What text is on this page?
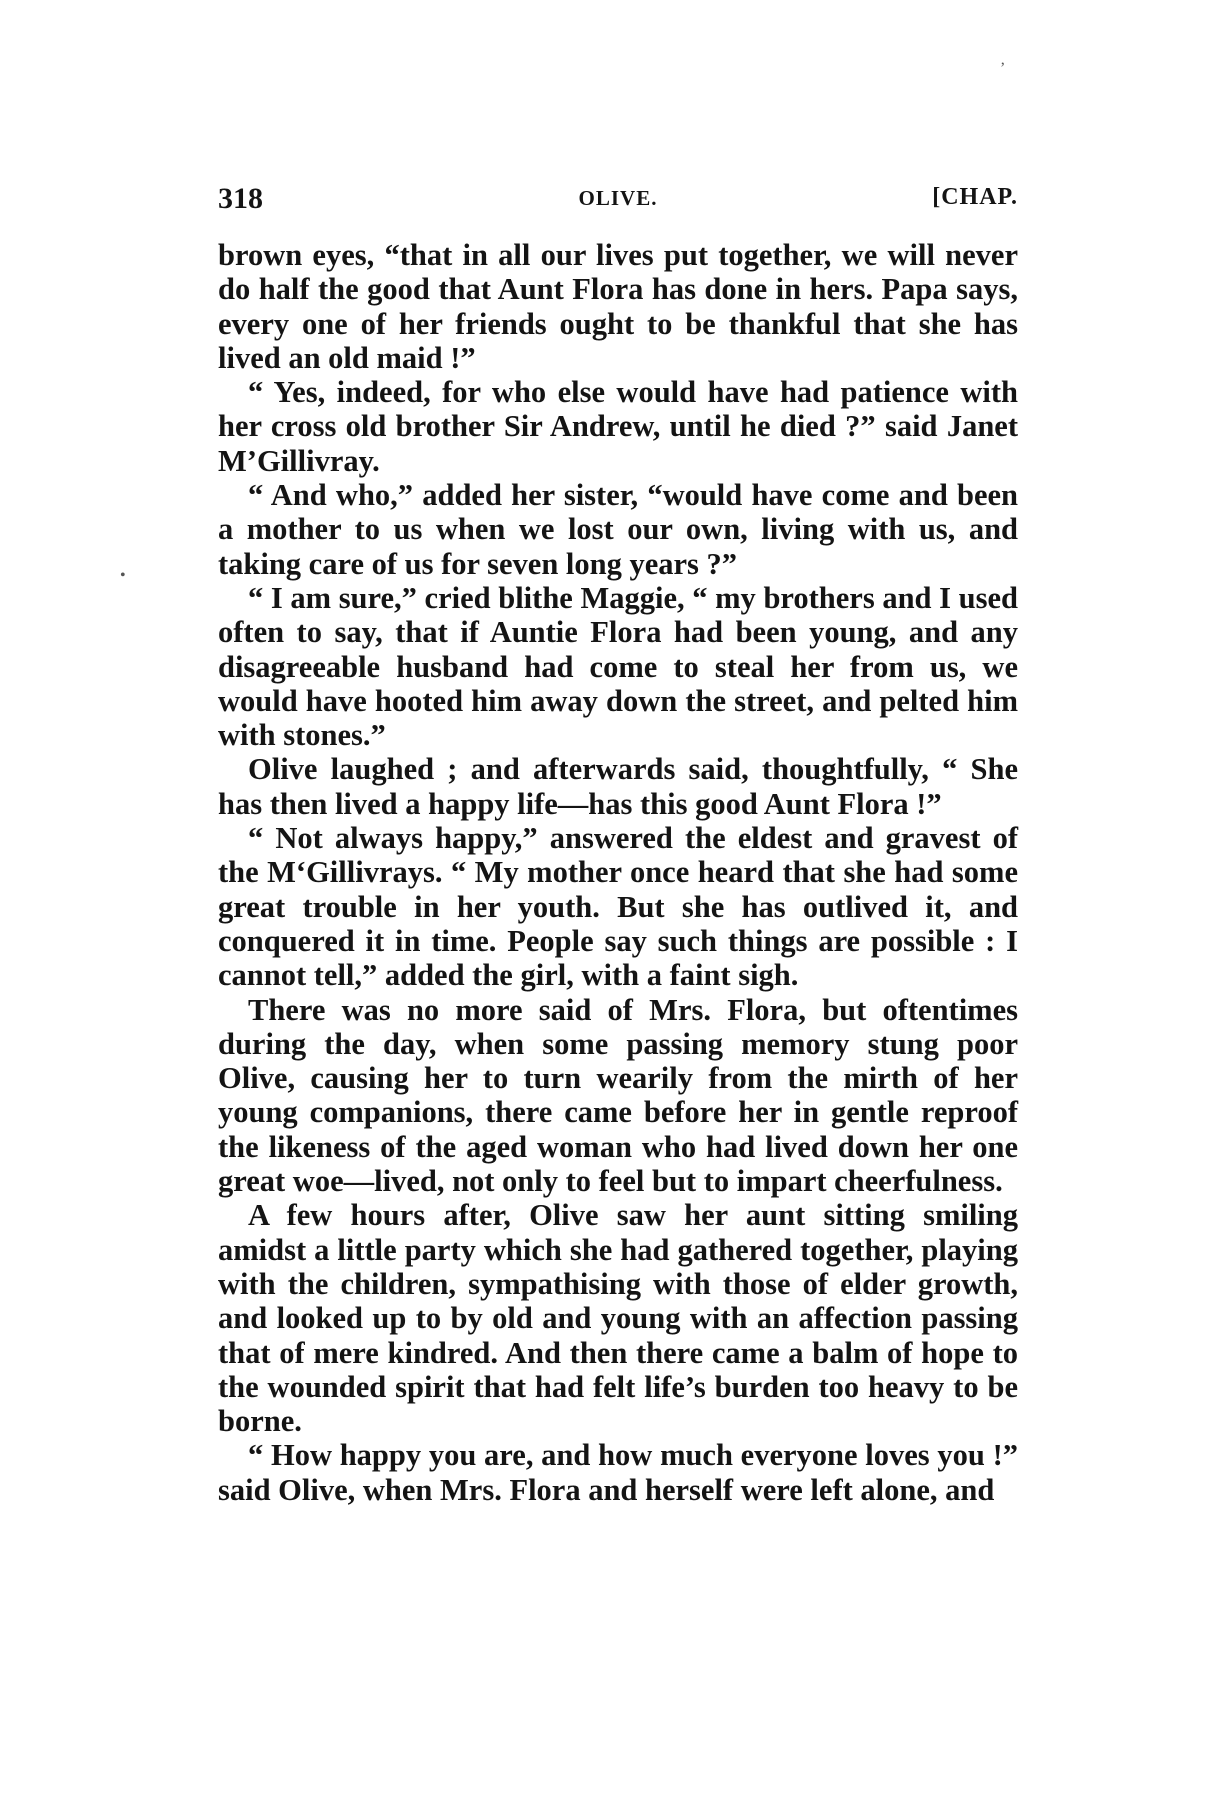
318	OLIVE.	[CHAP.
’
•

brown eyes, “that in all our lives put together, we will never do half the good that Aunt Flora has done in hers. Papa says, every one of her friends ought to be thankful that she has lived an old maid !”

“ Yes, indeed, for who else would have had patience with her cross old brother Sir Andrew, until he died ?” said Janet M’Gillivray.

“ And who,” added her sister, “would have come and been a mother to us when we lost our own, living with us, and taking care of us for seven long years ?”

“ I am sure,” cried blithe Maggie, “ my brothers and I used often to say, that if Auntie Flora had been young, and any disagreeable husband had come to steal her from us, we would have hooted him away down the street, and pelted him with stones.”

Olive laughed ; and afterwards said, thoughtfully, “ She has then lived a happy life—has this good Aunt Flora !”

“ Not always happy,” answered the eldest and gravest of the M‘Gillivrays. “ My mother once heard that she had some great trouble in her youth. But she has outlived it, and conquered it in time. People say such things are possible : I cannot tell,” added the girl, with a faint sigh.

There was no more said of Mrs. Flora, but oftentimes during the day, when some passing memory stung poor Olive, causing her to turn wearily from the mirth of her young companions, there came before her in gentle reproof the likeness of the aged woman who had lived down her one great woe—lived, not only to feel but to impart cheerfulness.

A few hours after, Olive saw her aunt sitting smiling amidst a little party which she had gathered together, playing with the children, sympathising with those of elder growth, and looked up to by old and young with an affection passing that of mere kindred. And then there came a balm of hope to the wounded spirit that had felt life’s burden too heavy to be borne.

“ How happy you are, and how much everyone loves you !” said Olive, when Mrs. Flora and herself were left alone, and
